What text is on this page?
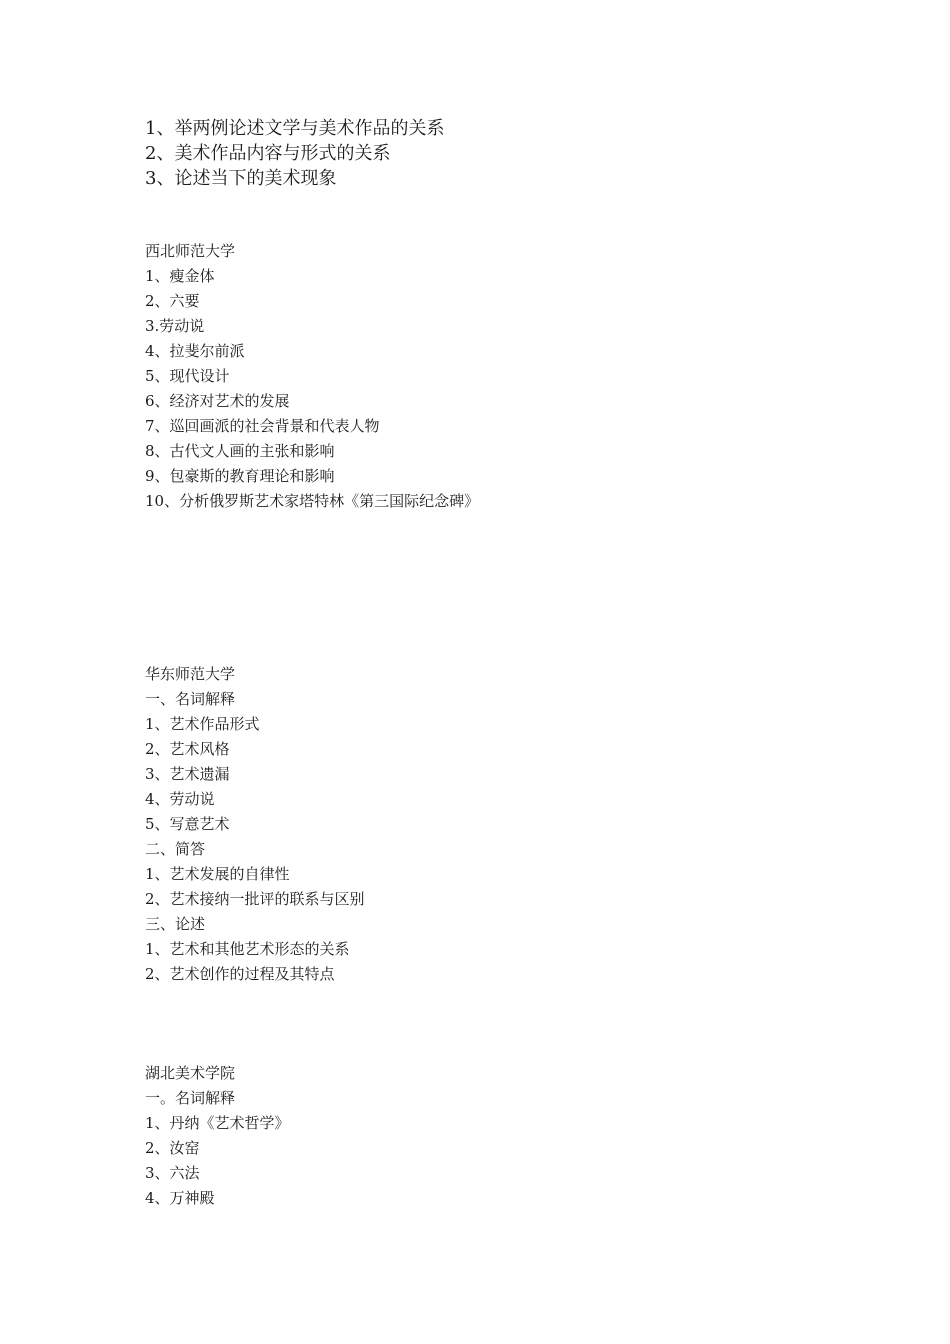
1、举两例论述文学与美术作品的关系

2、美术作品内容与形式的关系

3、论述当下的美术现象

西北师范大学

1、瘦金体

2、六要

3.劳动说

4、拉斐尔前派

5、现代设计

6、经济对艺术的发展

7、巡回画派的社会背景和代表人物

8、古代文人画的主张和影响

9、包豪斯的教育理论和影响

10、分析俄罗斯艺术家塔特林《第三国际纪念碑》

华东师范大学

一、名词解释

1、艺术作品形式

2、艺术风格

3、艺术遗漏

4、劳动说

5、写意艺术

二、简答

1、艺术发展的自律性

2、艺术接纳一批评的联系与区别

三、论述

1、艺术和其他艺术形态的关系

2、艺术创作的过程及其特点

湖北美术学院

一。名词解释

1、丹纳《艺术哲学》

2、汝窑

3、六法

4、万神殿
